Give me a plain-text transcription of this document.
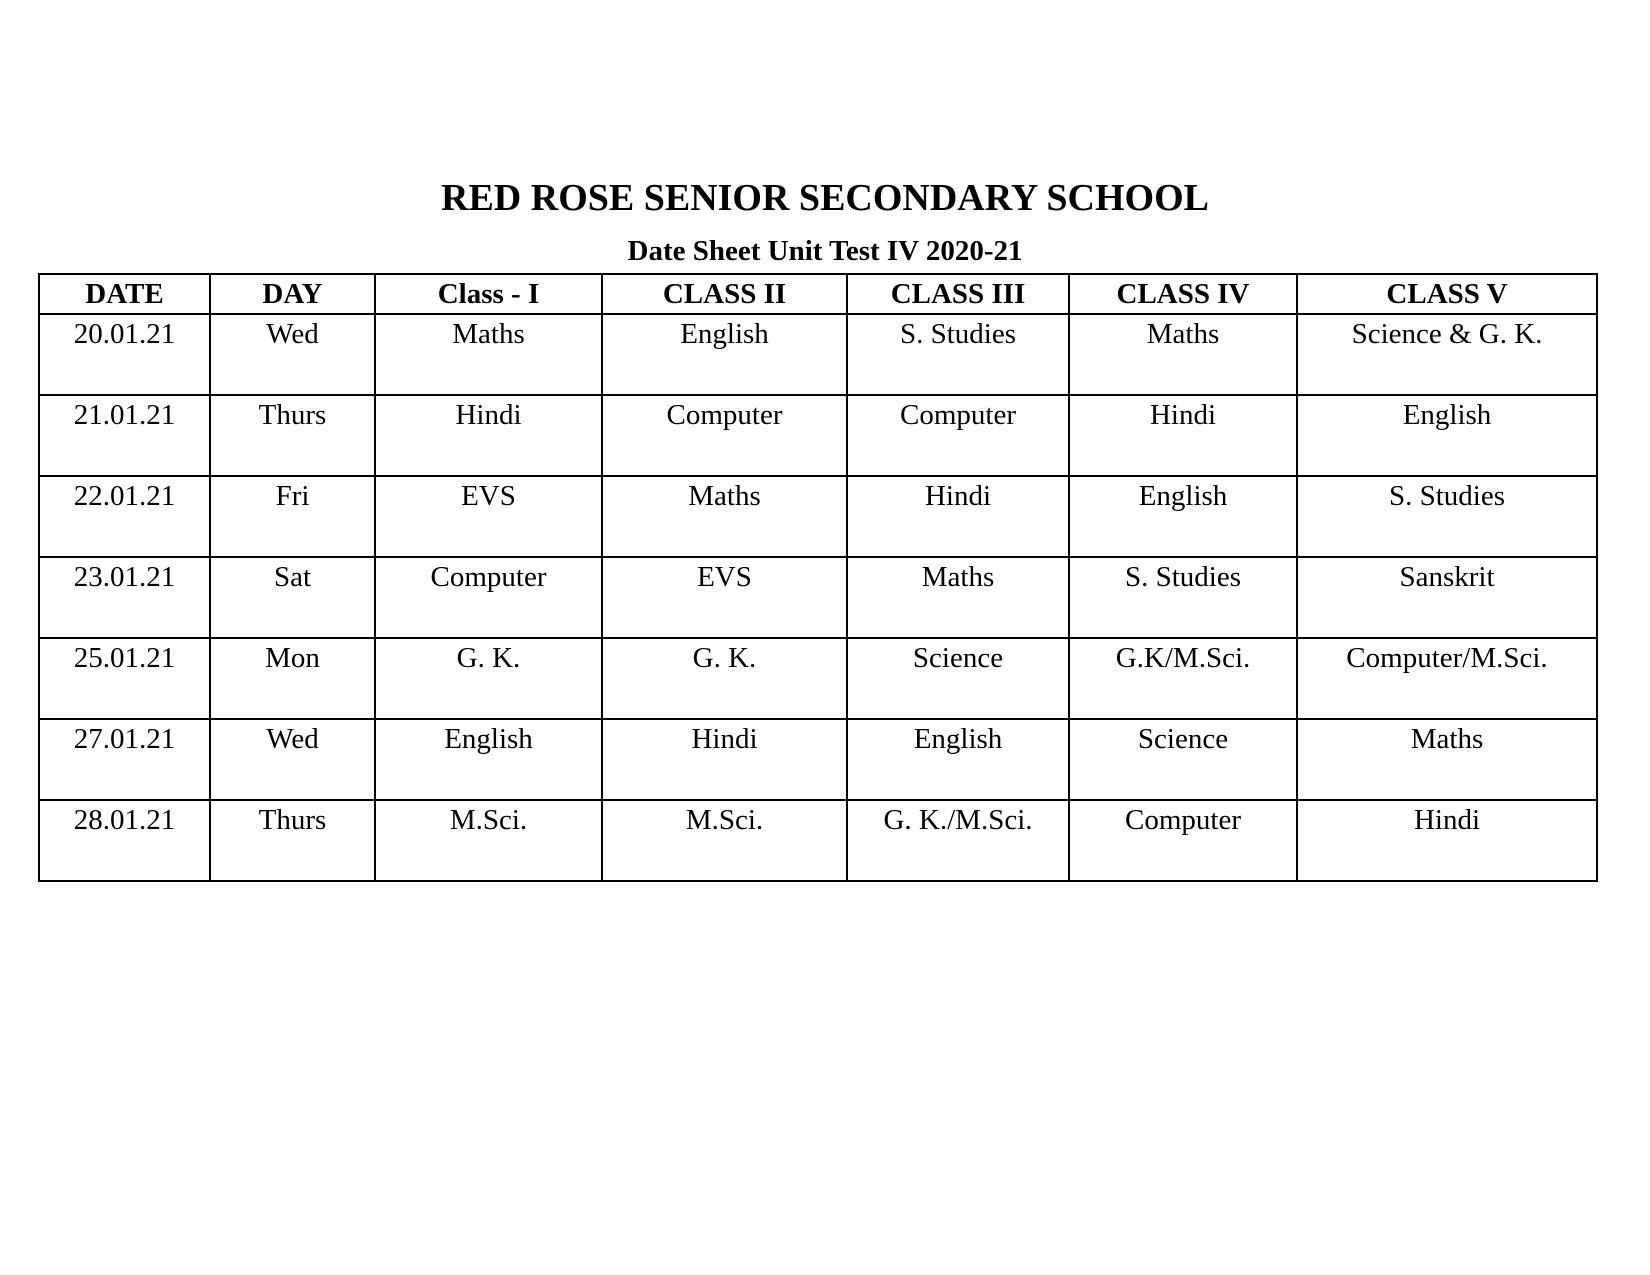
RED ROSE SENIOR SECONDARY SCHOOL
Date Sheet Unit Test IV 2020-21
DATE	DAY	Class - I	CLASS II	CLASS III	CLASS IV	CLASS V
20.01.21	Wed	Maths	English	S. Studies	Maths	Science & G. K.
21.01.21	Thurs	Hindi	Computer	Computer	Hindi	English
22.01.21	Fri	EVS	Maths	Hindi	English	S. Studies
23.01.21	Sat	Computer	EVS	Maths	S. Studies	Sanskrit
25.01.21	Mon	G. K.	G. K.	Science	G.K/M.Sci.	Computer/M.Sci.
27.01.21	Wed	English	Hindi	English	Science	Maths
28.01.21	Thurs	M.Sci.	M.Sci.	G. K./M.Sci.	Computer	Hindi
